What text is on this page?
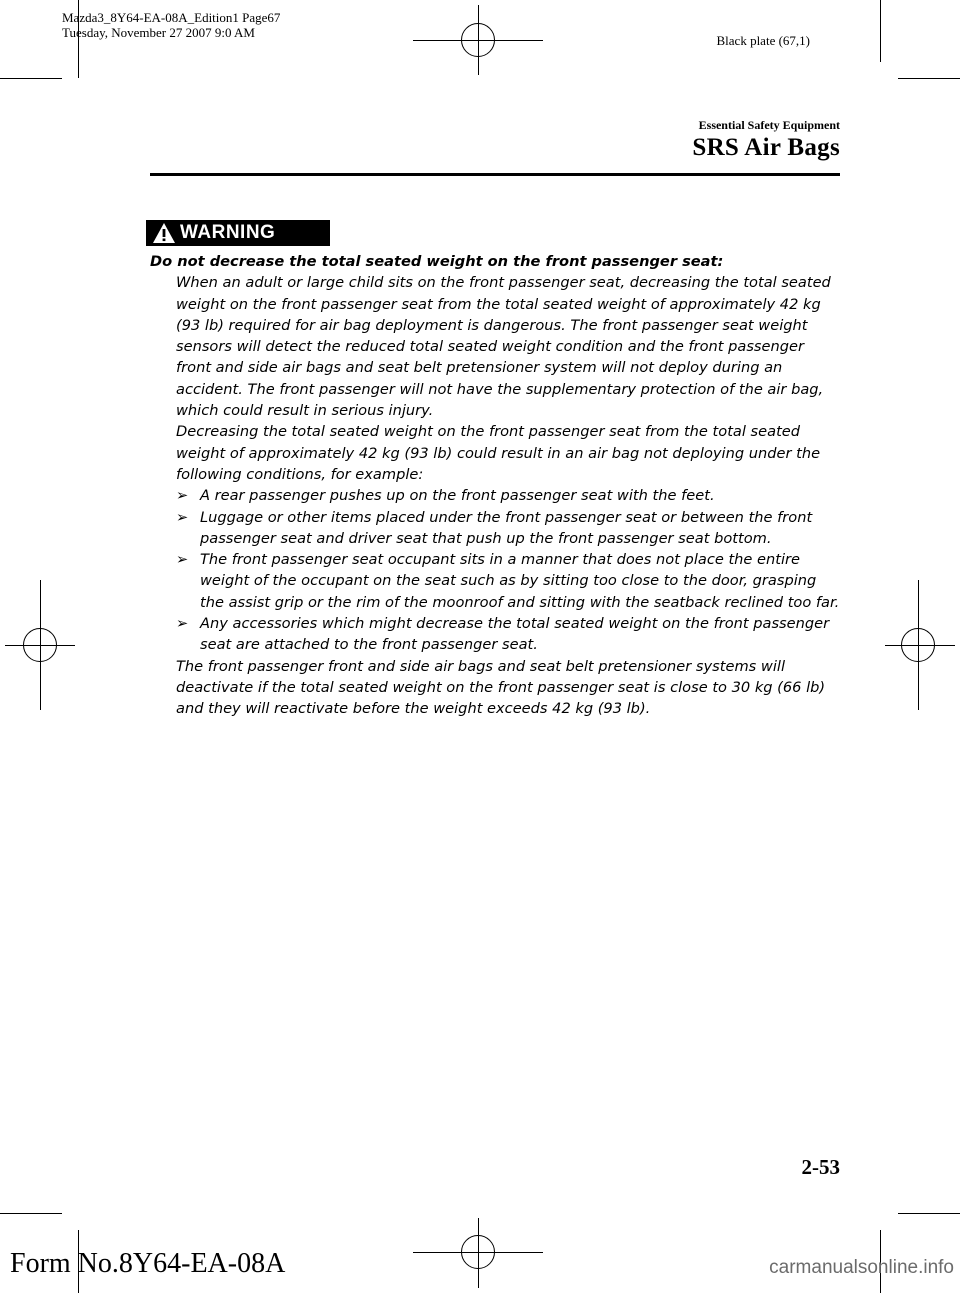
Mazda3_8Y64-EA-08A_Edition1 Page67
Tuesday, November 27 2007 9:0 AM
Black plate (67,1)
Essential Safety Equipment
SRS Air Bags
WARNING

Do not decrease the total seated weight on the front passenger seat:

When an adult or large child sits on the front passenger seat, decreasing the total seated weight on the front passenger seat from the total seated weight of approximately 42 kg (93 lb) required for air bag deployment is dangerous. The front passenger seat weight sensors will detect the reduced total seated weight condition and the front passenger front and side air bags and seat belt pretensioner system will not deploy during an accident. The front passenger will not have the supplementary protection of the air bag, which could result in serious injury.

Decreasing the total seated weight on the front passenger seat from the total seated weight of approximately 42 kg (93 lb) could result in an air bag not deploying under the following conditions, for example:

➢ A rear passenger pushes up on the front passenger seat with the feet.
➢ Luggage or other items placed under the front passenger seat or between the front passenger seat and driver seat that push up the front passenger seat bottom.
➢ The front passenger seat occupant sits in a manner that does not place the entire weight of the occupant on the seat such as by sitting too close to the door, grasping the assist grip or the rim of the moonroof and sitting with the seatback reclined too far.
➢ Any accessories which might decrease the total seated weight on the front passenger seat are attached to the front passenger seat.

The front passenger front and side air bags and seat belt pretensioner systems will deactivate if the total seated weight on the front passenger seat is close to 30 kg (66 lb) and they will reactivate before the weight exceeds 42 kg (93 lb).

2-53
Form No.8Y64-EA-08A	carmanualsonline.info
